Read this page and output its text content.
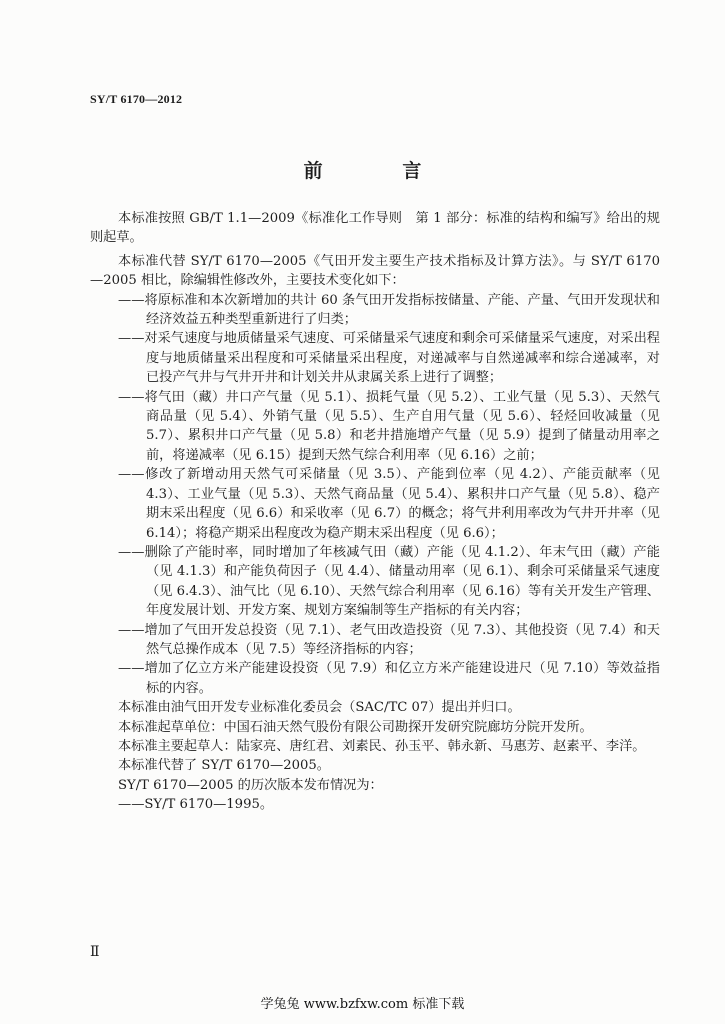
SY/T 6170—2012
前　言

本标准按照 GB/T 1.1—2009《标准化工作导则　第 1 部分：标准的结构和编写》给出的规则起草。

本标准代替 SY/T 6170—2005《气田开发主要生产技术指标及计算方法》。与 SY/T 6170—2005 相比，除编辑性修改外，主要技术变化如下：

——将原标准和本次新增加的共计 60 条气田开发指标按储量、产能、产量、气田开发现状和经济效益五种类型重新进行了归类；

——对采气速度与地质储量采气速度、可采储量采气速度和剩余可采储量采气速度，对采出程度与地质储量采出程度和可采储量采出程度，对递减率与自然递减率和综合递减率，对已投产气井与气井开井和计划关井从隶属关系上进行了调整；

——将气田（藏）井口产气量（见 5.1）、损耗气量（见 5.2）、工业气量（见 5.3）、天然气商品量（见 5.4）、外销气量（见 5.5）、生产自用气量（见 5.6）、轻烃回收减量（见 5.7）、累积井口产气量（见 5.8）和老井措施增产气量（见 5.9）提到了储量动用率之前，将递减率（见 6.15）提到天然气综合利用率（见 6.16）之前；

——修改了新增动用天然气可采储量（见 3.5）、产能到位率（见 4.2）、产能贡献率（见 4.3）、工业气量（见 5.3）、天然气商品量（见 5.4）、累积井口产气量（见 5.8）、稳产期末采出程度（见 6.6）和采收率（见 6.7）的概念；将气井利用率改为气井开井率（见 6.14）；将稳产期采出程度改为稳产期末采出程度（见 6.6）；

——删除了产能时率，同时增加了年核减气田（藏）产能（见 4.1.2）、年末气田（藏）产能（见 4.1.3）和产能负荷因子（见 4.4）、储量动用率（见 6.1）、剩余可采储量采气速度（见 6.4.3）、油气比（见 6.10）、天然气综合利用率（见 6.16）等有关开发生产管理、年度发展计划、开发方案、规划方案编制等生产指标的有关内容；

——增加了气田开发总投资（见 7.1）、老气田改造投资（见 7.3）、其他投资（见 7.4）和天然气总操作成本（见 7.5）等经济指标的内容；

——增加了亿立方米产能建设投资（见 7.9）和亿立方米产能建设进尺（见 7.10）等效益指标的内容。

本标准由油气田开发专业标准化委员会（SAC/TC 07）提出并归口。

本标准起草单位：中国石油天然气股份有限公司勘探开发研究院廊坊分院开发所。

本标准主要起草人：陆家亮、唐红君、刘素民、孙玉平、韩永新、马惠芳、赵素平、李洋。

本标准代替了 SY/T 6170—2005。

SY/T 6170—2005 的历次版本发布情况为：

——SY/T 6170—1995。

Ⅱ
学兔兔 www.bzfxw.com 标准下载
